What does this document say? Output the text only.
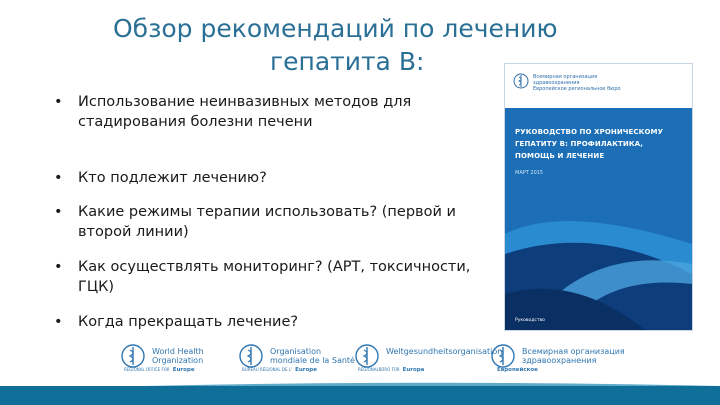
Обзор рекомендаций по лечению
гепатита В:
• Использование неинвазивных методов для стадирования болезни печени
• Кто подлежит лечению?
• Какие режимы терапии использовать? (первой и второй линии)
• Как осуществлять мониторинг? (АРТ, токсичности, ГЦК)
• Когда прекращать лечение?
Всемирная организация
здравоохранения
Европейское региональное бюро
РУКОВОДСТВО ПО ХРОНИЧЕСКОМУ
ГЕПАТИТУ В: ПРОФИЛАКТИКА,
ПОМОЩЬ И ЛЕЧЕНИЕ
МАРТ 2015
Руководство
World Health
Organization
REGIONAL OFFICE FOR Europe
Organisation
mondiale de la Santé
BUREAU RÉGIONAL DE L' Europe
Weltgesundheitsorganisation
REGIONALBÜRO FÜR Europa
Всемирная организация
здравоохранения
Европейское
